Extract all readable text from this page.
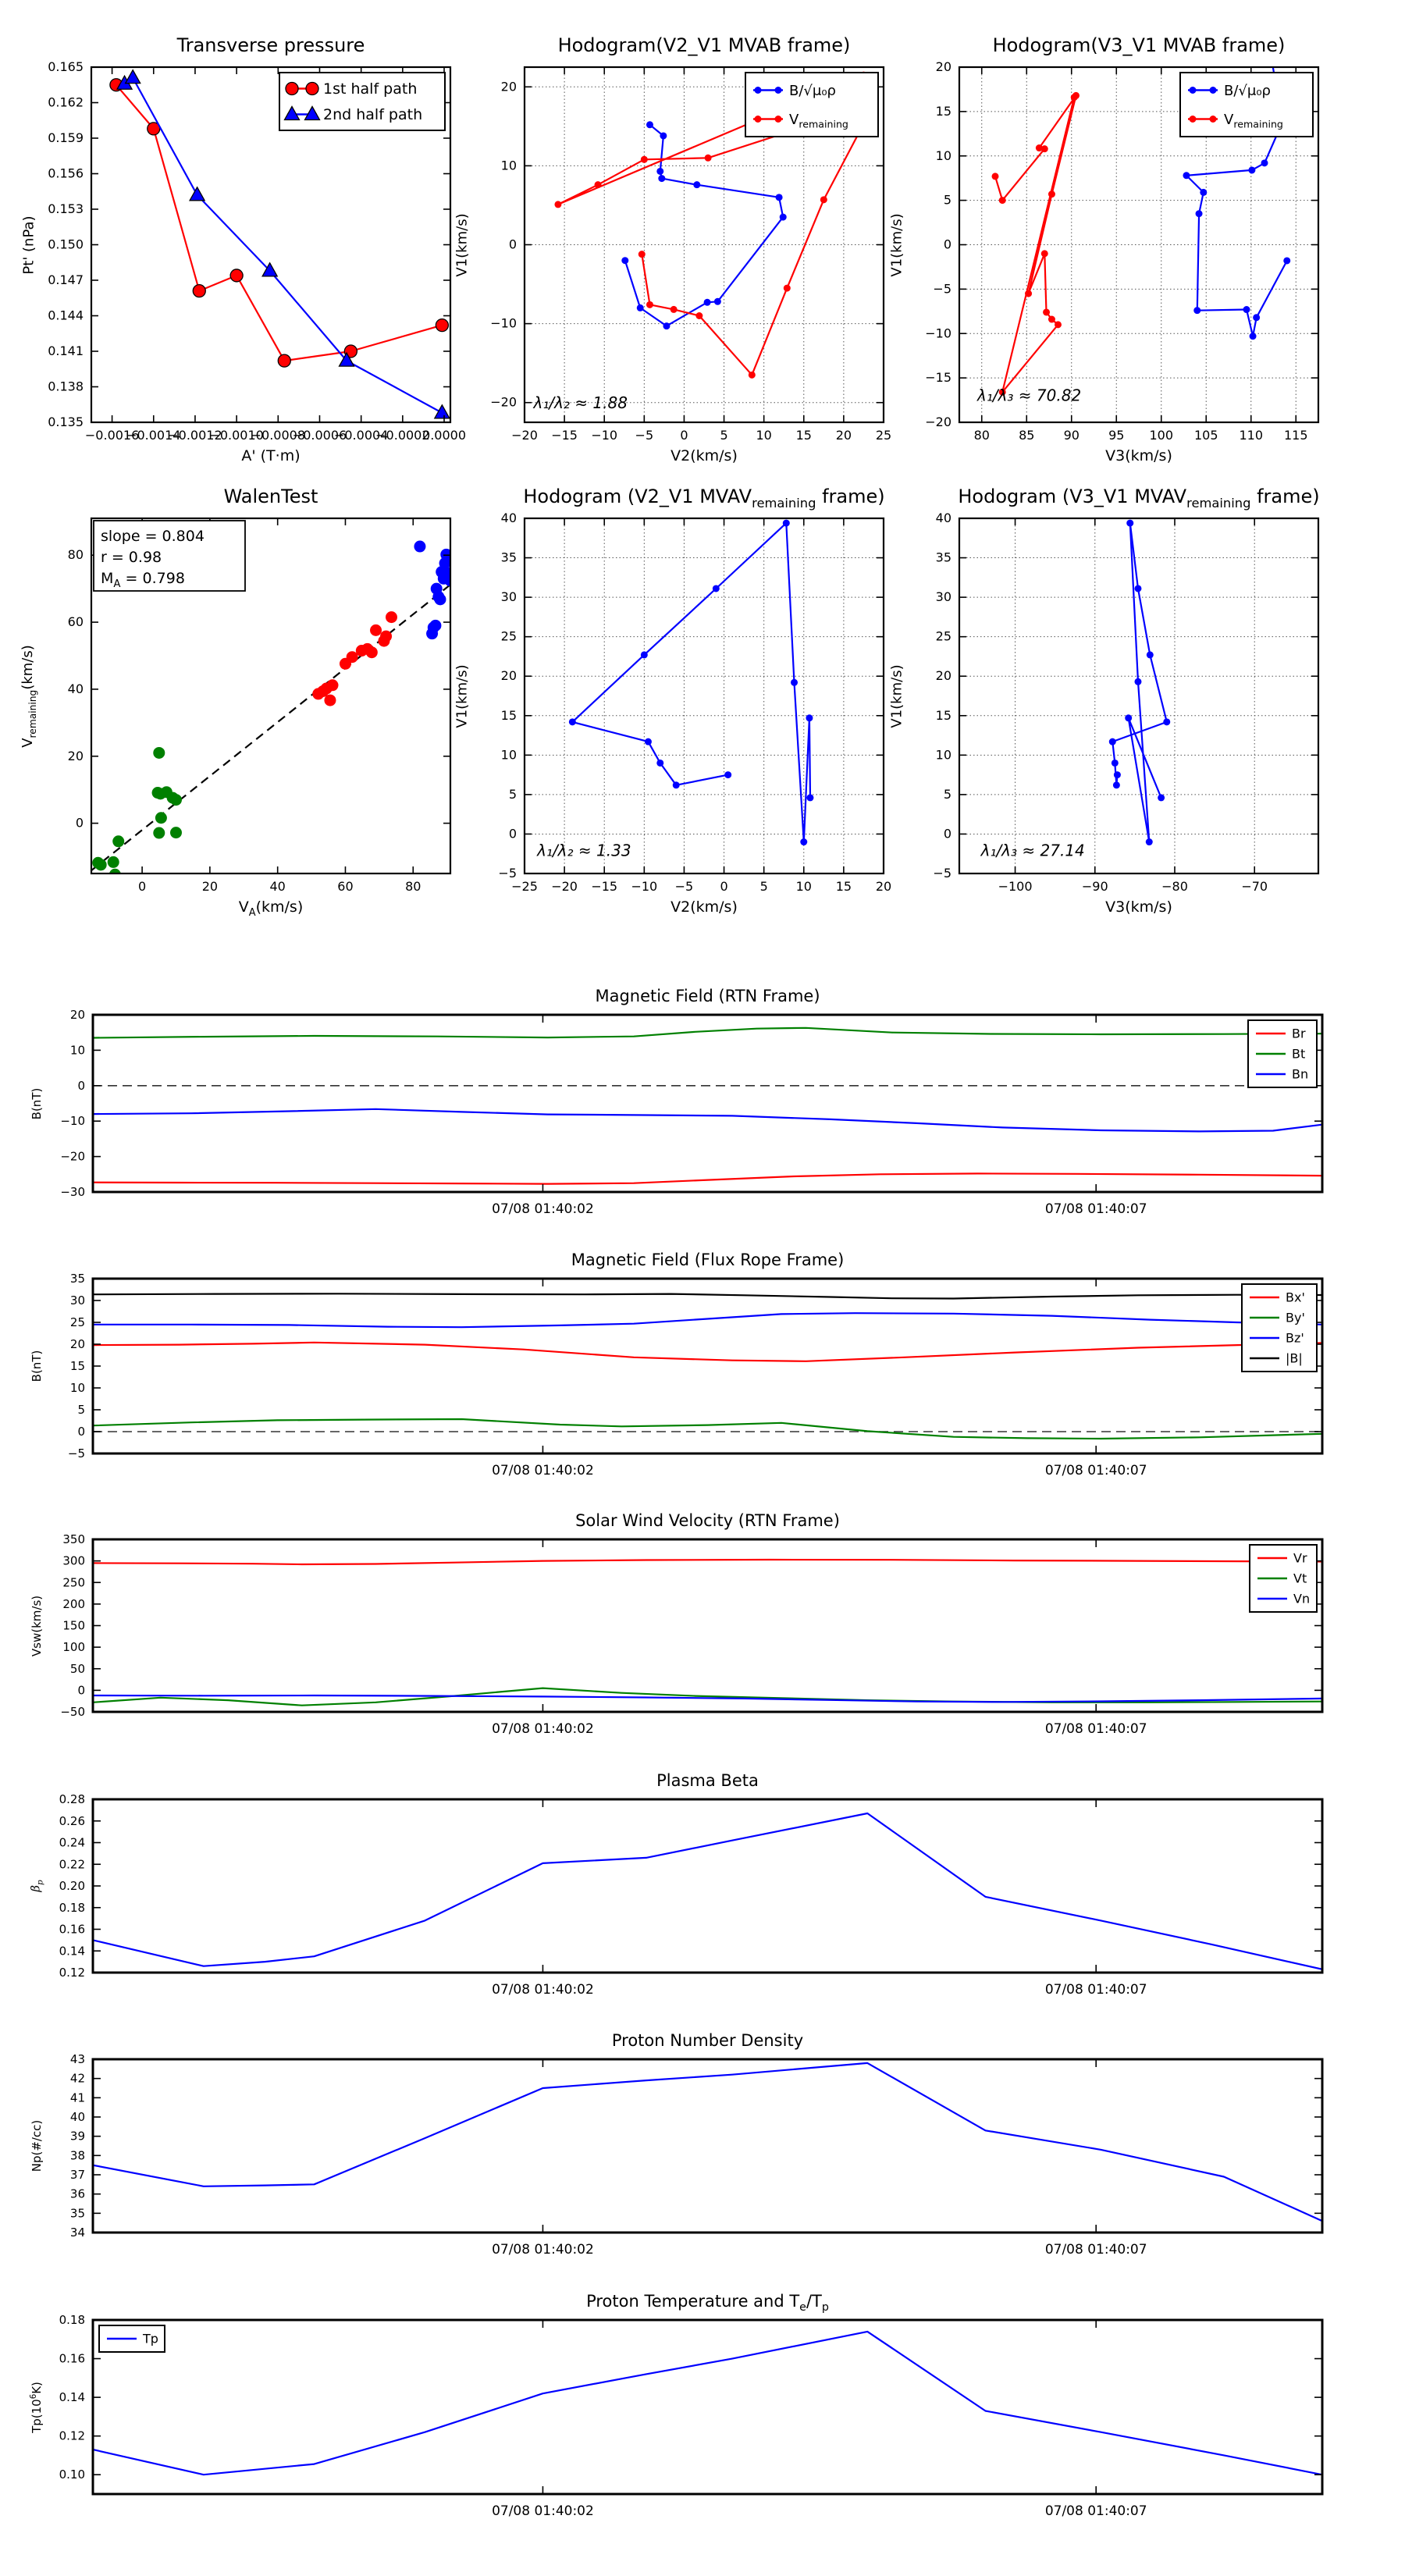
−0.0016
−0.0014
−0.0012
−0.0010
−0.0008
−0.0006
−0.0004
−0.0002
0.0000
0.135
0.138
0.141
0.144
0.147
0.150
0.153
0.156
0.159
0.162
0.165
1st half path
2nd half path
−20 −15 −10 −5 0	5 10 15 20 25
−20
−10
0
10
20
λ₁/λ₂ ≈ 1.88
B/√μ₀ρ
$V_{remaining}$
80 85 90 95 100 105 110 115
−20
−15
−10
−5
0
5
10
15
20
λ₁/λ₃ ≈ 70.82
B/√μ₀ρ
$V_{remaining}$
0	20	40	60	80
0
20
40
60
80
slope = 0.804
r = 0.98
$M_A = 0.798$
−25 −20 −15 −10 −5 0	5 10 15 20
−5
0
5
10
15
20
25
30
35
40
λ₁/λ₂ ≈ 1.33
−100	−90	−80	−70
−5
0
5
10
15
20
25
30
35
40
λ₁/λ₃ ≈ 27.14
07/08 01:40:02	07/08 01:40:07
−30
−20
−10
0
10
20
Br
Bt
Bn
07/08 01:40:02	07/08 01:40:07
−5
0
5
10
15
20
25
30
35
Bx'
By'
Bz'
|B|
07/08 01:40:02	07/08 01:40:07
−50
0
50
100
150
200
250
300
350
Vr
Vt
Vn
07/08 01:40:02	07/08 01:40:07
0.12
0.14
0.16
0.18
0.20
0.22
0.24
0.26
0.28
07/08 01:40:02	07/08 01:40:07
34
35
36
37
38
39
40
41
42
43
07/08 01:40:02	07/08 01:40:07
0.10
0.12
0.14
0.16
0.18
Tp
Transverse pressure	Hodogram(V2_V1 MVAB frame)	Hodogram(V3_V1 MVAB frame)
WalenTest	Hodogram (V2_V1 $MVAV_{remaining}$ frame)	Hodogram (V3_V1 $MVAV_{remaining}$ frame)
Magnetic Field (RTN Frame)
Magnetic Field (Flux Rope Frame)
Solar Wind Velocity (RTN Frame)
Plasma Beta
Proton Number Density
Proton Temperature and $T_e/T_p$
A' (T·m)	V2(km/s)	V3(km/s)
$V_A(km/s)$	V2(km/s)	V3(km/s)
Pt' (nPa)	V1(km/s)	V1(km/s)
$V_{remaining}(km/s)$	V1(km/s)	V1(km/s)
B(nT)
B(nT)
Vsw(km/s)
$\beta_p$
Np(#/cc)
$Tp(10^6K)$
